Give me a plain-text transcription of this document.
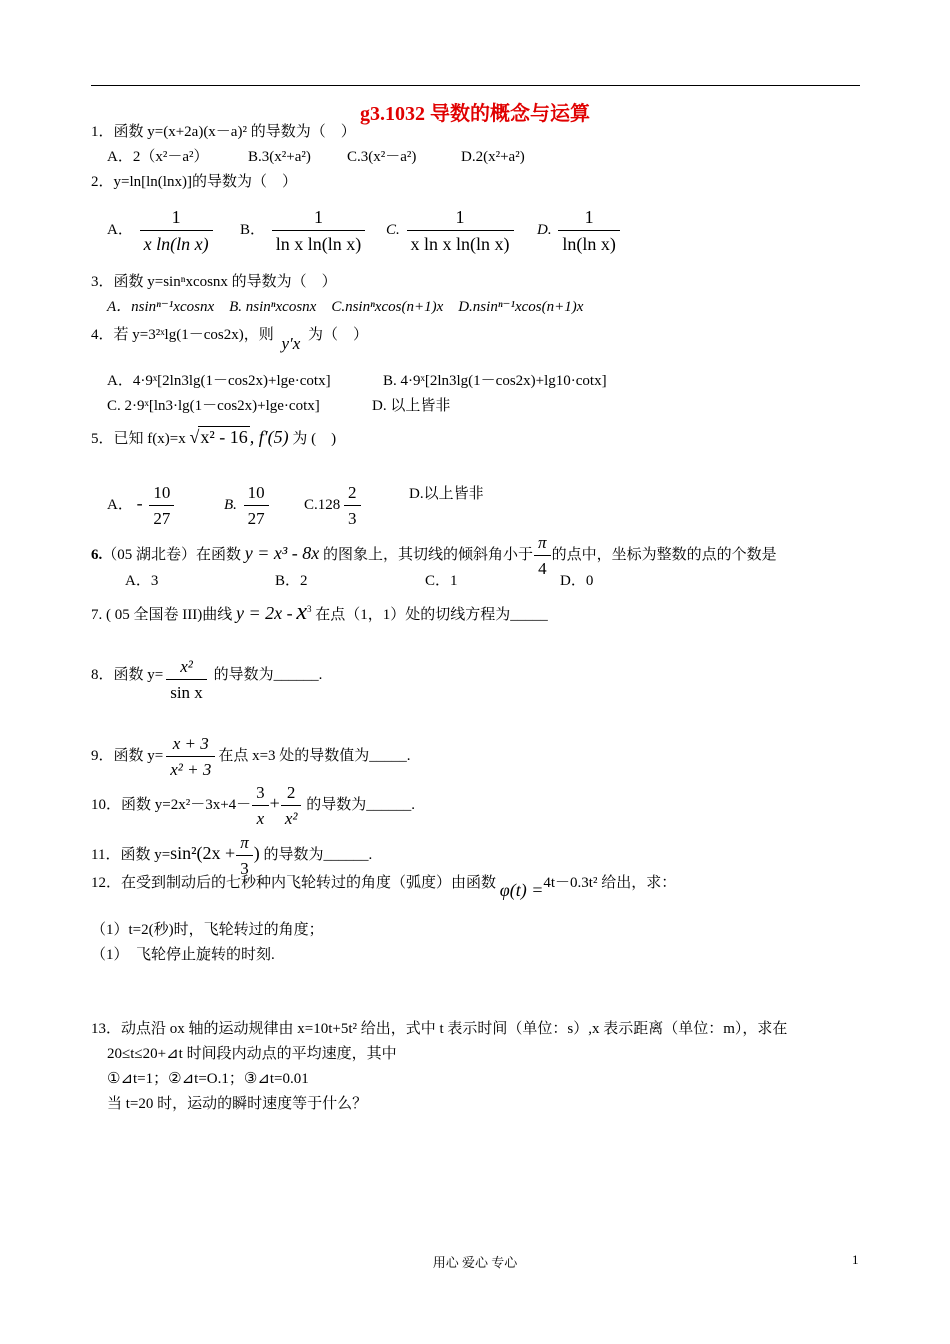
g3.1032 导数的概念与运算
1．函数 y=(x+2a)(x－a)² 的导数为（　）
A．2（x²－a²）	B.3(x²+a²) C.3(x²－a²)	D.2(x²+a²)
2．y=ln[ln(lnx)]的导数为（　）
A． $\frac{1}{\text{x ln(ln x)}}$ B． $\frac{1}{\text{ln x ln(ln x)}} C$. $\frac{1}{\text{x ln x ln(ln x)}} D$. $\frac{1}{\text{ln(ln x)}}$
3．函数 y=sinⁿxcosnx 的导数为（　）
A．nsinⁿ⁻¹xcosnx　B. nsinⁿxcosnx　C.nsinⁿxcos(n+1)x　D.nsinⁿ⁻¹xcos(n+1)x
4．若 y=3²ˣlg(1－cos2x)，则 y′x 为（　）
A．4·9ˣ[2ln3lg(1－cos2x)+lge·cotx]	B. 4·9ˣ[2ln3lg(1－cos2x)+lg10·cotx]
C. 2·9ˣ[ln3·lg(1－cos2x)+lge·cotx]	D. 以上皆非
5．已知 f(x)=x √x² - 16 , f′(5) 为 (　)
A． - $\frac{10}{27}$	B. $\frac{10}{27} C.128 \frac{2}{3}$	D.以上皆非
6.（05 湖北卷）在函数 y = x³ - 8x 的图象上，其切线的倾斜角小于 $\frac{\pi}{4}$ 的点中，坐标为整数的点的个数是
A．3	B．2	C．1	D．0
7. ( 05 全国卷 III)曲线 $y = 2x - x^3$ 在点（1，1）处的切线方程为_____
8．函数 $y= \frac{\text{x²}}{\text{sin x}}$ 的导数为______.
9．函数 $y= \frac{x + 3}{\text{x² + 3}}$ 在点 x=3 处的导数值为_____.
10．函数 $y=2x^2-3x+4- \frac{3}{x} + \frac{2}{\text{x²}}$ 的导数为______.
11．函数 $y=\sin^2(2x + \frac{\pi}{3}$ ) 的导数为______.
12．在受到制动后的七秒种内飞轮转过的角度（弧度）由函数 φ(t) =4t－0.3t² 给出，求：
（1）t=2(秒)时，飞轮转过的角度；
（1）　飞轮停止旋转的时刻.
13．动点沿 ox 轴的运动规律由 x=10t+5t² 给出，式中 t 表示时间（单位：s）,x 表示距离（单位：m），求在
20≤t≤20+⊿t 时间段内动点的平均速度，其中
①⊿t=1；②⊿t=O.1；③⊿t=0.01
当 t=20 时，运动的瞬时速度等于什么？
用心 爱心 专心	1
